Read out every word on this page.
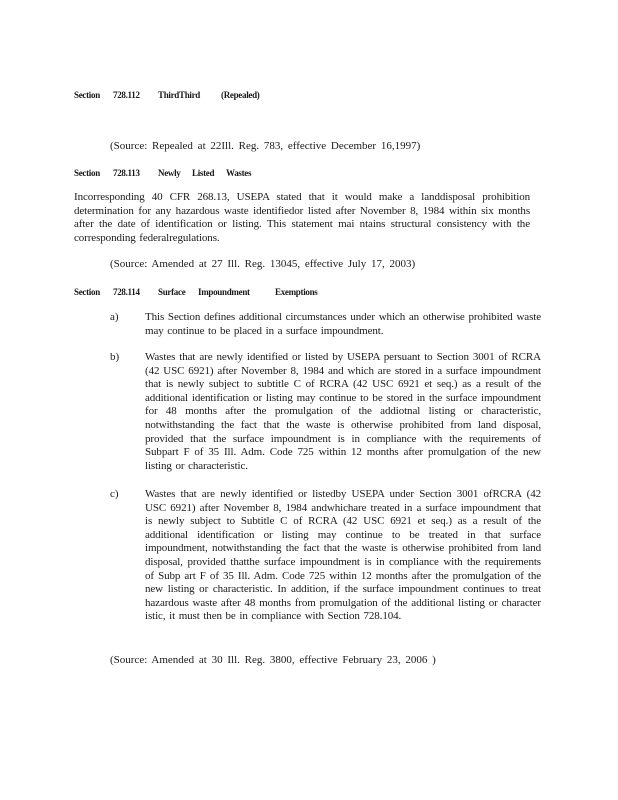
Section 728.112 ThirdThird (Repealed)
(Source: Repealed at 22Ill. Reg. 783, effective December 16,1997)
Section 728.113 Newly Listed Wastes

Incorresponding 40 CFR 268.13, USEPA stated that it would make a landdisposal prohibition determination for any hazardous waste identifiedor listed after November 8, 1984 within six months after the date of identification or listing. This statement mai ntains structural consistency with the corresponding federalregulations.

(Source: Amended at 27 Ill. Reg. 13045, effective July 17, 2003)
Section 728.114 Surface Impoundment	Exemptions
a) This Section defines additional circumstances under which an otherwise prohibited waste may continue to be placed in a surface impoundment.

b) Wastes that are newly identified or listed by USEPA persuant to Section 3001 of RCRA (42 USC 6921) after November 8, 1984 and which are stored in a surface impoundment that is newly subject to subtitle C of RCRA (42 USC 6921 et seq.) as a result of the additional identification or listing may continue to be stored in the surface impoundment for 48 months after the promulgation of the addiotnal listing or characteristic, notwithstanding the fact that the waste is otherwise prohibited from land disposal, provided that the surface impoundment is in compliance with the requirements of Subpart F of 35 Ill. Adm. Code 725 within 12 months after promulgation of the new listing or characteristic.

c) Wastes that are newly identified or listedby USEPA under Section 3001 ofRCRA (42 USC 6921) after November 8, 1984 andwhichare treated in a surface impoundment that is newly subject to Subtitle C of RCRA (42 USC 6921 et seq.) as a result of the additional identification or listing may continue to be treated in that surface impoundment, notwithstanding the fact that the waste is otherwise prohibited from land disposal, provided thatthe surface impoundment is in compliance with the requirements of Subp art F of 35 Ill. Adm. Code 725 within 12 months after the promulgation of the new listing or characteristic. In addition, if the surface impoundment continues to treat hazardous waste after 48 months from promulgation of the additional listing or character istic, it must then be in compliance with Section 728.104.

(Source: Amended at 30 Ill. Reg. 3800, effective February 23, 2006 )
